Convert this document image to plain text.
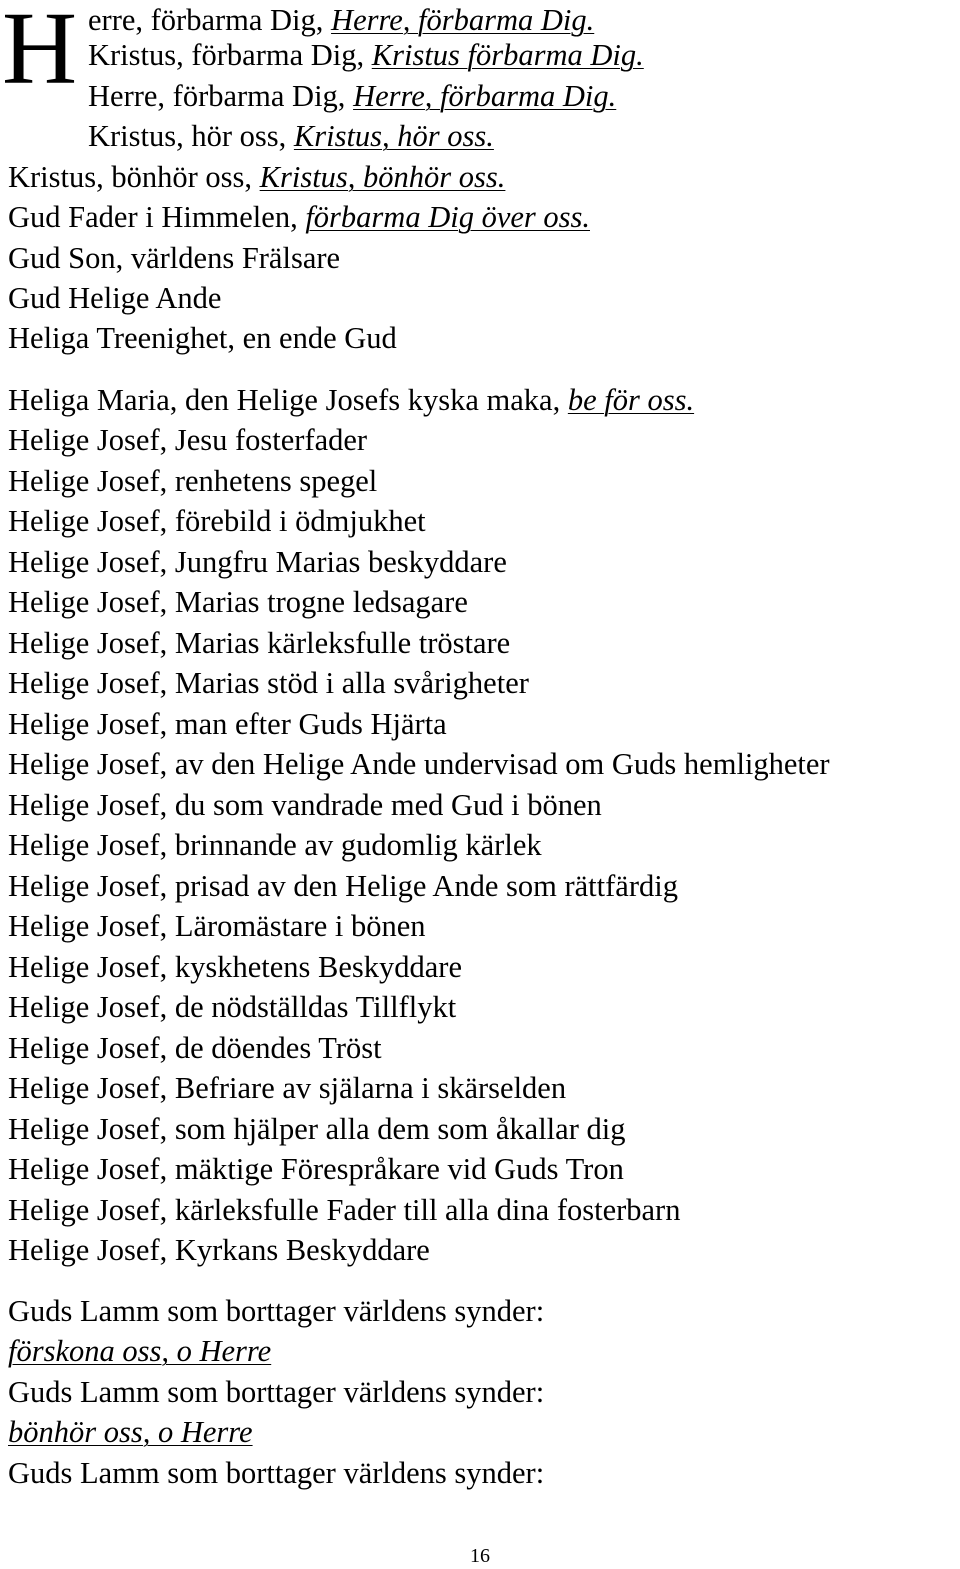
H erre, förbarma Dig, Herre, förbarma Dig.
Kristus, förbarma Dig, Kristus förbarma Dig.
Herre, förbarma Dig, Herre, förbarma Dig.
Kristus, hör oss, Kristus, hör oss.
Kristus, bönhör oss, Kristus, bönhör oss.
Gud Fader i Himmelen, förbarma Dig över oss.
Gud Son, världens Frälsare
Gud Helige Ande
Heliga Treenighet, en ende Gud
Heliga Maria, den Helige Josefs kyska maka, be för oss.
Helige Josef, Jesu fosterfader
Helige Josef, renhetens spegel
Helige Josef, förebild i ödmjukhet
Helige Josef, Jungfru Marias beskyddare
Helige Josef, Marias trogne ledsagare
Helige Josef, Marias kärleksfulle tröstare
Helige Josef, Marias stöd i alla svårigheter
Helige Josef, man efter Guds Hjärta
Helige Josef, av den Helige Ande undervisad om Guds hemligheter
Helige Josef, du som vandrade med Gud i bönen
Helige Josef, brinnande av gudomlig kärlek
Helige Josef, prisad av den Helige Ande som rättfärdig
Helige Josef, Läromästare i bönen
Helige Josef, kyskhetens Beskyddare
Helige Josef, de nödställdas Tillflykt
Helige Josef, de döendes Tröst
Helige Josef, Befriare av själarna i skärselden
Helige Josef, som hjälper alla dem som åkallar dig
Helige Josef, mäktige Förespråkare vid Guds Tron
Helige Josef, kärleksfulle Fader till alla dina fosterbarn
Helige Josef, Kyrkans Beskyddare
Guds Lamm som borttager världens synder:
förskona oss, o Herre
Guds Lamm som borttager världens synder:
bönhör oss, o Herre
Guds Lamm som borttager världens synder:
16
